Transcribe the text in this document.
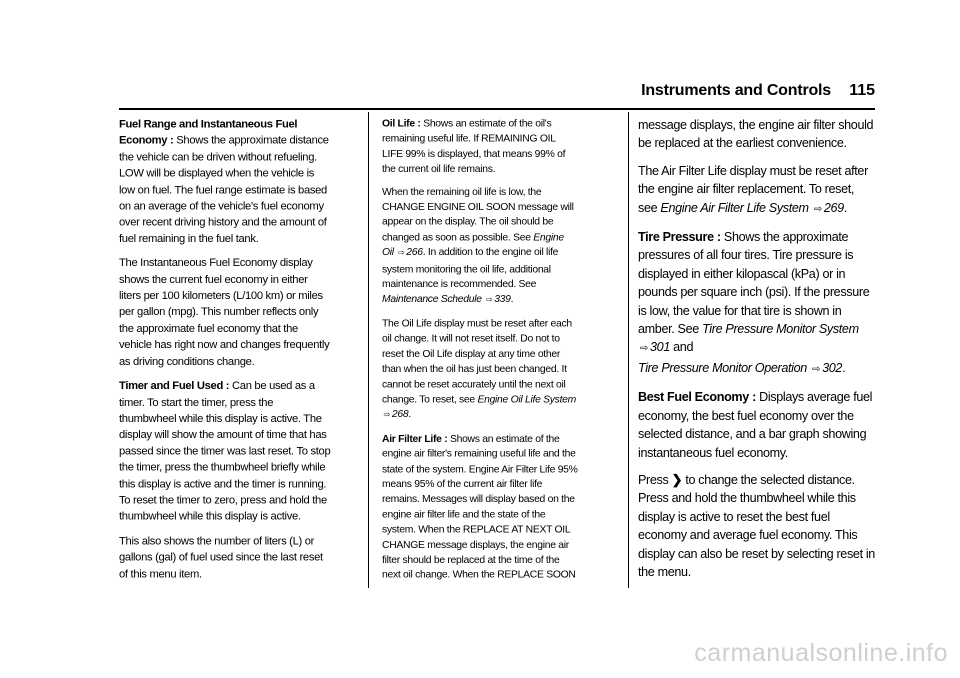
Instruments and Controls 115

Fuel Range and Instantaneous Fuel Economy : Shows the approximate distance the vehicle can be driven without refueling. LOW will be displayed when the vehicle is low on fuel. The fuel range estimate is based on an average of the vehicle's fuel economy over recent driving history and the amount of fuel remaining in the fuel tank.

The Instantaneous Fuel Economy display shows the current fuel economy in either liters per 100 kilometers (L/100 km) or miles per gallon (mpg). This number reflects only the approximate fuel economy that the vehicle has right now and changes frequently as driving conditions change.

Timer and Fuel Used : Can be used as a timer. To start the timer, press the thumbwheel while this display is active. The display will show the amount of time that has passed since the timer was last reset. To stop the timer, press the thumbwheel briefly while this display is active and the timer is running. To reset the timer to zero, press and hold the thumbwheel while this display is active.

This also shows the number of liters (L) or gallons (gal) of fuel used since the last reset of this menu item.

Oil Life : Shows an estimate of the oil's remaining useful life. If REMAINING OIL LIFE 99% is displayed, that means 99% of the current oil life remains.

When the remaining oil life is low, the CHANGE ENGINE OIL SOON message will appear on the display. The oil should be changed as soon as possible. See Engine Oil ⇨ 266. In addition to the engine oil life system monitoring the oil life, additional maintenance is recommended. See Maintenance Schedule ⇨ 339.

The Oil Life display must be reset after each oil change. It will not reset itself. Do not to reset the Oil Life display at any time other than when the oil has just been changed. It cannot be reset accurately until the next oil change. To reset, see Engine Oil Life System ⇨ 268.

Air Filter Life : Shows an estimate of the engine air filter's remaining useful life and the state of the system. Engine Air Filter Life 95% means 95% of the current air filter life remains. Messages will display based on the engine air filter life and the state of the system. When the REPLACE AT NEXT OIL CHANGE message displays, the engine air filter should be replaced at the time of the next oil change. When the REPLACE SOON

message displays, the engine air filter should be replaced at the earliest convenience.

The Air Filter Life display must be reset after the engine air filter replacement. To reset, see Engine Air Filter Life System ⇨ 269.

Tire Pressure : Shows the approximate pressures of all four tires. Tire pressure is displayed in either kilopascal (kPa) or in pounds per square inch (psi). If the pressure is low, the value for that tire is shown in amber. See Tire Pressure Monitor System
⇨ 301 and
Tire Pressure Monitor Operation ⇨ 302.

Best Fuel Economy : Displays average fuel economy, the best fuel economy over the selected distance, and a bar graph showing instantaneous fuel economy.

Press ❯ to change the selected distance. Press and hold the thumbwheel while this display is active to reset the best fuel economy and average fuel economy. This display can also be reset by selecting reset in the menu.

carmanualsonline.info
